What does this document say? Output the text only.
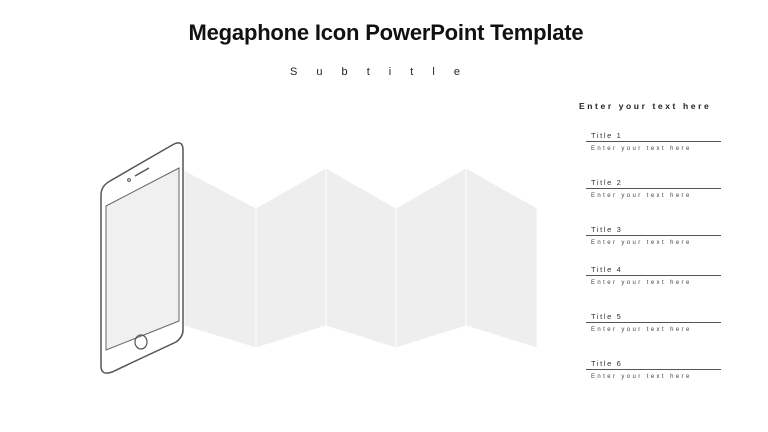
Megaphone Icon PowerPoint Template
S u b t i t l e
Enter your text here
Title 1
Enter your text here
Title 2
Enter your text here
Title 3
Enter your text here
Title 4
Enter your text here
Title 5
Enter your text here
Title 6
Enter your text here
